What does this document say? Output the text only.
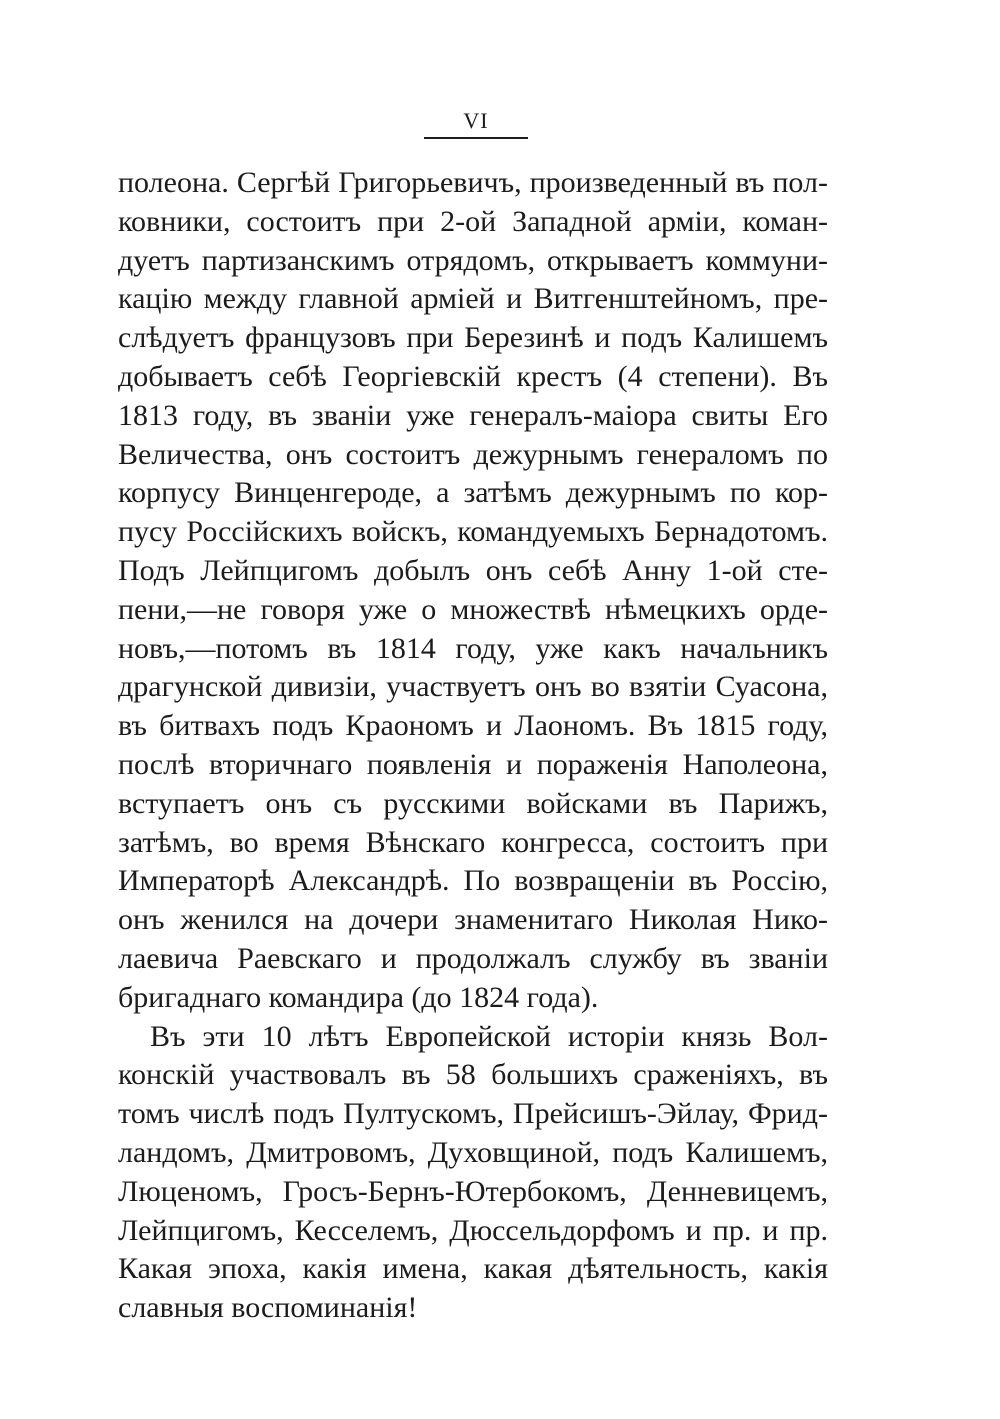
VI
полеона. Сергѣй Григорьевичъ, произведенный въ пол-
ковники, состоитъ при 2-ой Западной арміи, коман-
дуетъ партизанскимъ отрядомъ, открываетъ коммуни-
кацію между главной арміей и Витгенштейномъ, пре-
слѣдуетъ французовъ при Березинѣ и подъ Калишемъ
добываетъ себѣ Георгіевскій крестъ (4 степени). Въ
1813 году, въ званіи уже генералъ-маіора свиты Его
Величества, онъ состоитъ дежурнымъ генераломъ по
корпусу Винценгероде, а затѣмъ дежурнымъ по кор-
пусу Россійскихъ войскъ, командуемыхъ Бернадотомъ.
Подъ Лейпцигомъ добылъ онъ себѣ Анну 1-ой сте-
пени,—не говоря уже о множествѣ нѣмецкихъ орде-
новъ,—потомъ въ 1814 году, уже какъ начальникъ
драгунской дивизіи, участвуетъ онъ во взятіи Суасона,
въ битвахъ подъ Краономъ и Лаономъ. Въ 1815 году,
послѣ вторичнаго появленія и пораженія Наполеона,
вступаетъ онъ съ русскими войсками въ Парижъ,
затѣмъ, во время Вѣнскаго конгресса, состоитъ при
Императорѣ Александрѣ. По возвращеніи въ Россію,
онъ женился на дочери знаменитаго Николая Нико-
лаевича Раевскаго и продолжалъ службу въ званіи
бригаднаго командира (до 1824 года).
Въ эти 10 лѣтъ Европейской исторіи князь Вол-
конскій участвовалъ въ 58 большихъ сраженіяхъ, въ
томъ числѣ подъ Пултускомъ, Прейсишъ-Эйлау, Фрид-
ландомъ, Дмитровомъ, Духовщиной, подъ Калишемъ,
Люценомъ, Гросъ-Бернъ-Ютербокомъ, Денневицемъ,
Лейпцигомъ, Кесселемъ, Дюссельдорфомъ и пр. и пр.
Какая эпоха, какія имена, какая дѣятельность, какія
славныя воспоминанія!
